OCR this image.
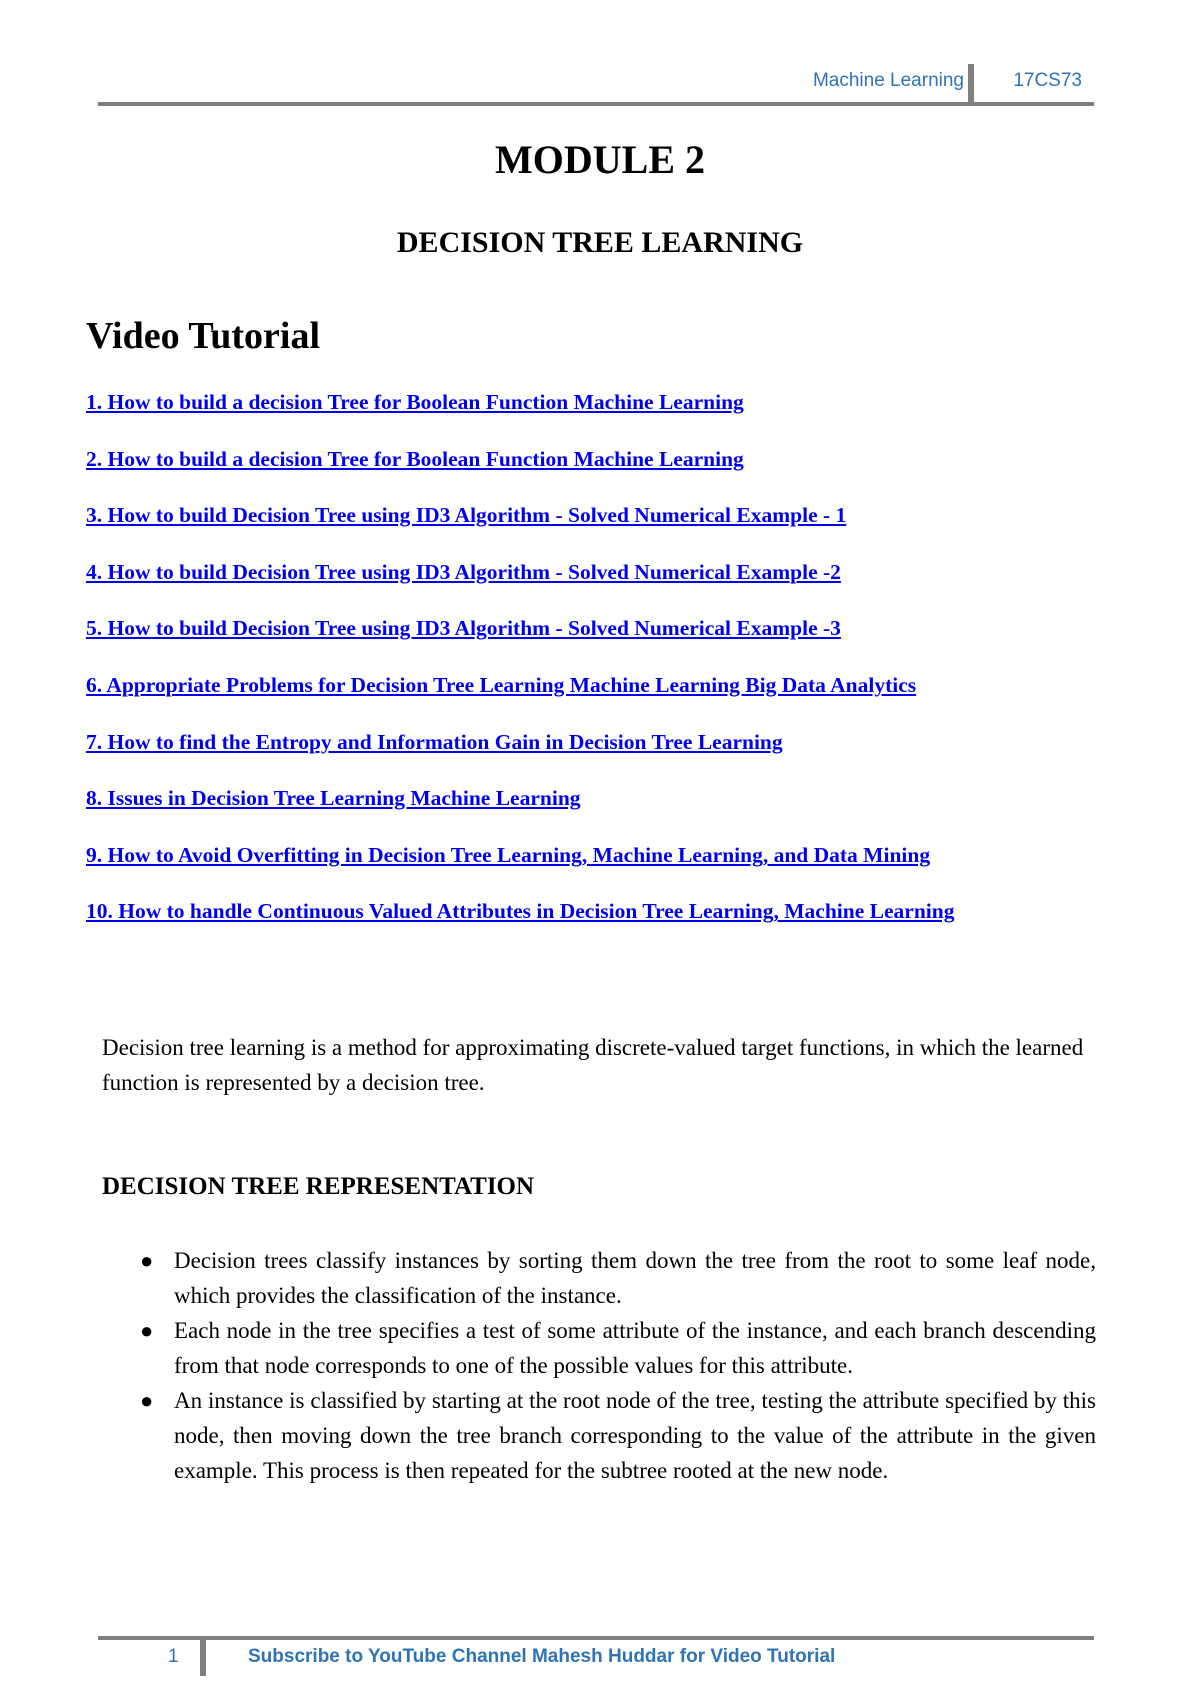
Machine Learning	17CS73
MODULE 2
DECISION TREE LEARNING
Video Tutorial
1. How to build a decision Tree for Boolean Function Machine Learning
2. How to build a decision Tree for Boolean Function Machine Learning
3. How to build Decision Tree using ID3 Algorithm - Solved Numerical Example - 1
4. How to build Decision Tree using ID3 Algorithm - Solved Numerical Example -2
5. How to build Decision Tree using ID3 Algorithm - Solved Numerical Example -3
6. Appropriate Problems for Decision Tree Learning Machine Learning Big Data Analytics
7. How to find the Entropy and Information Gain in Decision Tree Learning
8. Issues in Decision Tree Learning Machine Learning
9. How to Avoid Overfitting in Decision Tree Learning, Machine Learning, and Data Mining
10. How to handle Continuous Valued Attributes in Decision Tree Learning, Machine Learning

Decision tree learning is a method for approximating discrete-valued target functions, in which the learned function is represented by a decision tree.

DECISION TREE REPRESENTATION
● Decision trees classify instances by sorting them down the tree from the root to some leaf node, which provides the classification of the instance.
● Each node in the tree specifies a test of some attribute of the instance, and each branch descending from that node corresponds to one of the possible values for this attribute.
● An instance is classified by starting at the root node of the tree, testing the attribute specified by this node, then moving down the tree branch corresponding to the value of the attribute in the given example. This process is then repeated for the subtree rooted at the new node.
1	Subscribe to YouTube Channel Mahesh Huddar for Video Tutorial
